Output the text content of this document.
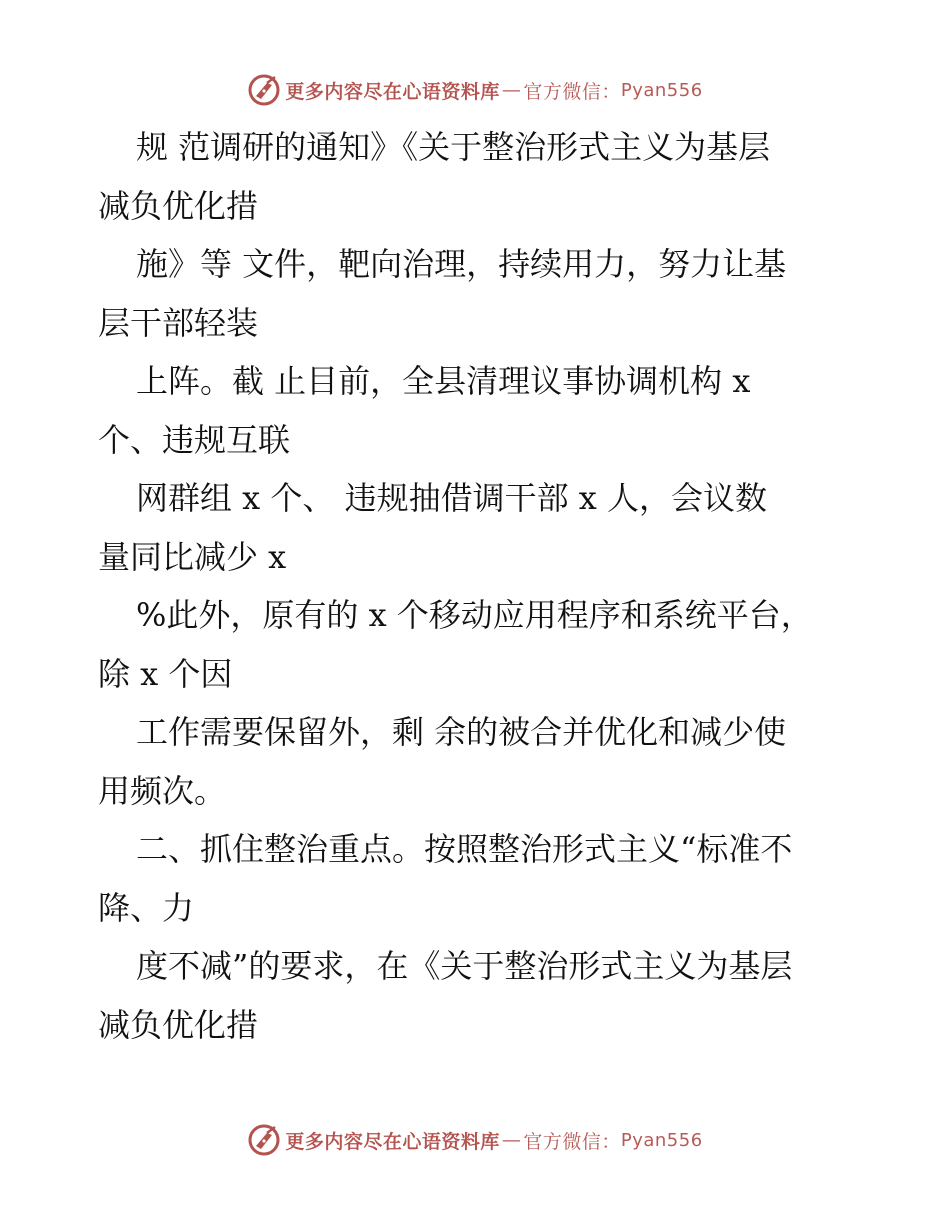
更多内容尽在心语资料库 — 官方微信： Pyan556
规 范调研的通知》《关于整治形式主义为基层
减负优化措
施》等 文件，靶向治理，持续用力，努力让基
层干部轻装
上阵。截 止目前，全县清理议事协调机构 x
个、违规互联
网群组 x 个、 违规抽借调干部 x 人，会议数
量同比减少 x
%此外，原有的 x 个移动应用程序和系统平台，
除 x 个因
工作需要保留外，剩 余的被合并优化和减少使
用频次。
二、抓住整治重点。按照整治形式主义“标准不
降、力
度不减”的要求，在《关于整治形式主义为基层
减负优化措
更多内容尽在心语资料库 — 官方微信： Pyan556
